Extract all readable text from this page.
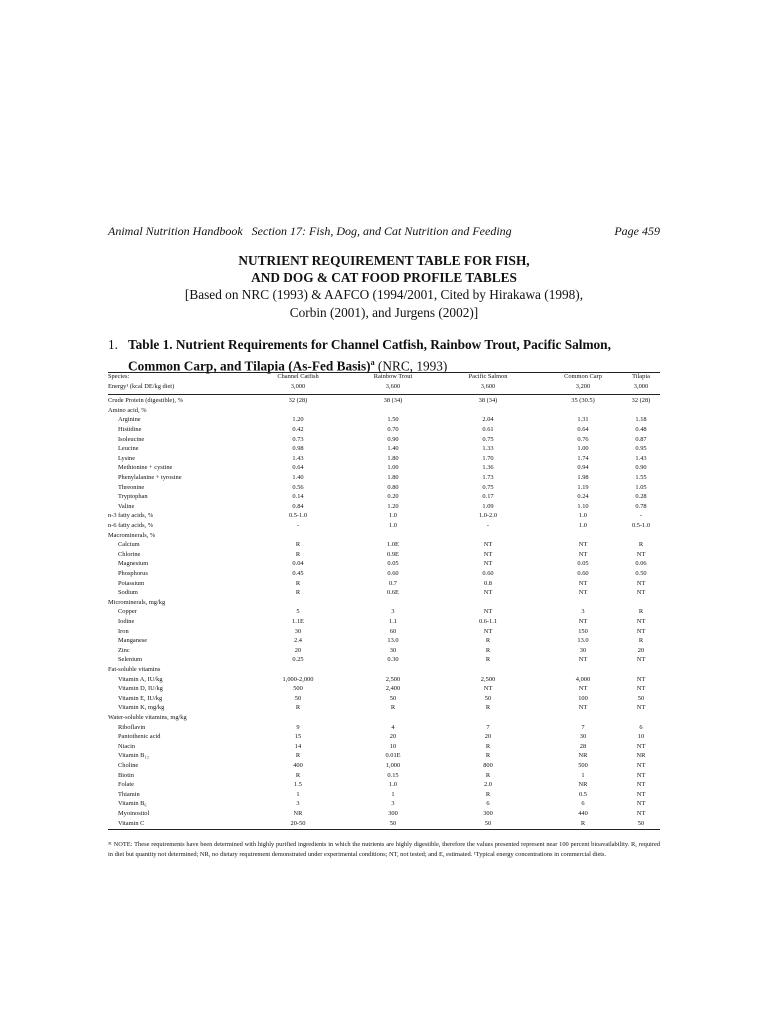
Animal Nutrition Handbook   Section 17: Fish, Dog, and Cat Nutrition and Feeding	Page 459
NUTRIENT REQUIREMENT TABLE FOR FISH,
AND DOG & CAT FOOD PROFILE TABLES
[Based on NRC (1993) & AAFCO (1994/2001, Cited by Hirakawa (1998),
Corbin (2001), and Jurgens (2002)]
1. Table 1. Nutrient Requirements for Channel Catfish, Rainbow Trout, Pacific Salmon,
Common Carp, and Tilapia (As-Fed Basis)$^a$ (NRC, 1993)
Species:	Channel Catfish	Rainbow Trout	Pacific Salmon	Common Carp	Tilapia
Energy¹ (kcal DE/kg diet)	3,000	3,600	3,600	3,200	3,000
Crude Protein (digestible), %	32 (28)	38 (34)	38 (34)	35 (30.5)	32 (28)
Amino acid, %
Arginine	1.20	1.50	2.04	1.31	1.18
Histidine	0.42	0.70	0.61	0.64	0.48
Isoleucine	0.73	0.90	0.75	0.76	0.87
Leucine	0.98	1.40	1.33	1.00	0.95
Lysine	1.43	1.80	1.70	1.74	1.43
Methionine + cystine	0.64	1.00	1.36	0.94	0.90
Phenylalanine + tyrosine	1.40	1.80	1.73	1.98	1.55
Threonine	0.56	0.80	0.75	1.19	1.05
Tryptophan	0.14	0.20	0.17	0.24	0.28
Valine	0.84	1.20	1.09	1.10	0.78
n-3 fatty acids, %	0.5-1.0	1.0	1.0-2.0	1.0	-
n-6 fatty acids, %	-	1.0	-	1.0	0.5-1.0
Macrominerals, %
Calcium	R	1.0E	NT	NT	R
Chlorine	R	0.9E	NT	NT	NT
Magnesium	0.04	0.05	NT	0.05	0.06
Phosphorus	0.45	0.60	0.60	0.60	0.50
Potassium	R	0.7	0.8	NT	NT
Sodium	R	0.6E	NT	NT	NT
Microminerals, mg/kg
Copper	5	3	NT	3	R
Iodine	1.1E	1.1	0.6-1.1	NT	NT
Iron	30	60	NT	150	NT
Manganese	2.4	13.0	R	13.0	R
Zinc	20	30	R	30	20
Selenium	0.25	0.30	R	NT	NT
Fat-soluble vitamins
Vitamin A, IU/kg	1,000-2,000	2,500	2,500	4,000	NT
Vitamin D, IU/kg	500	2,400	NT	NT	NT
Vitamin E, IU/kg	50	50	50	100	50
Vitamin K, mg/kg	R	R	R	NT	NT
Water-soluble vitamins, mg/kg
Riboflavin	9	4	7	7	6
Pantothenic acid	15	20	20	30	10
Niacin	14	10	R	28	NT
Vitamin B₁₂	R	0.01E	R	NR	NR
Choline	400	1,000	800	500	NT
Biotin	R	0.15	R	1	NT
Folate	1.5	1.0	2.0	NR	NT
Thiamin	1	1	R	0.5	NT
Vitamin B₆	3	3	6	6	NT
Myoinositol	NR	300	300	440	NT
Vitamin C	20-50	50	50	R	50
³¹ NOTE: These requirements have been determined with highly purified ingredients in which the nutrients are highly digestible, therefore the values presented represent near 100 percent bioavailability. R, required in diet but quantity not determined; NR, no dietary requirement demonstrated under experimental conditions; NT, not tested; and E, estimated. ¹Typical energy concentrations in commercial diets.
